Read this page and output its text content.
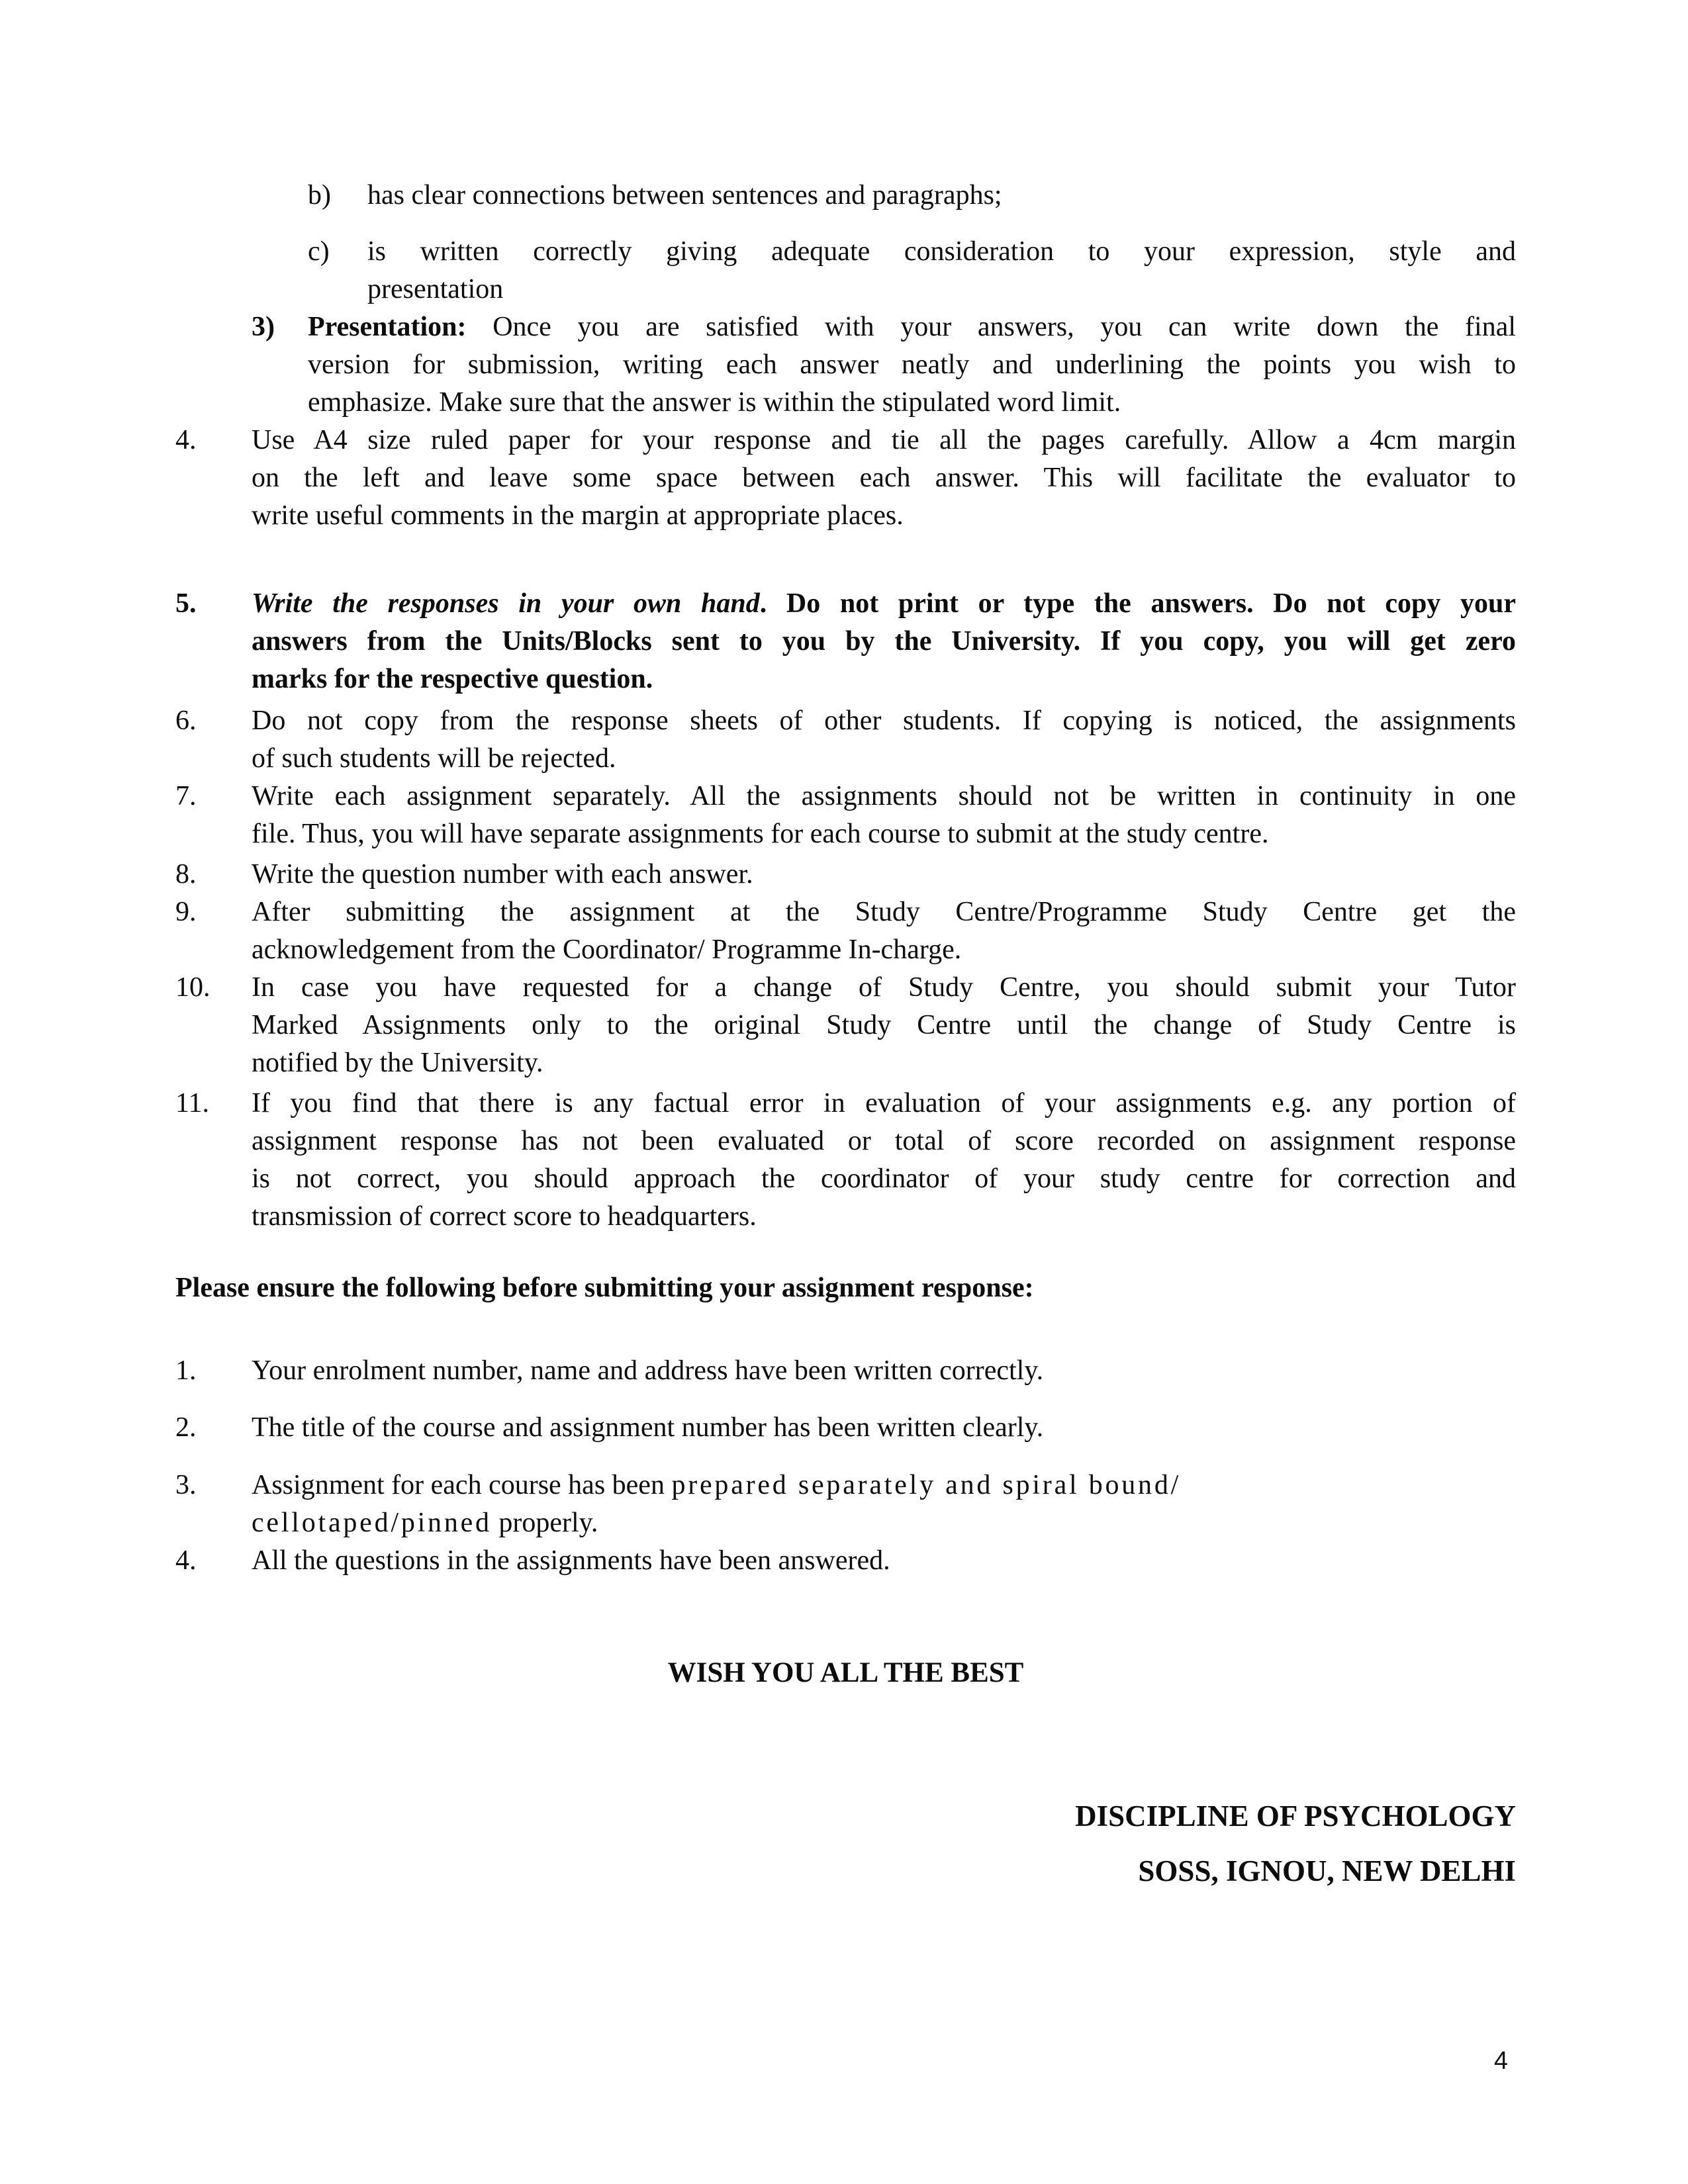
b) has clear connections between sentences and paragraphs;
c) is written correctly giving adequate consideration to your expression, style and
presentation
3) Presentation: Once you are satisfied with your answers, you can write down the final
version for submission, writing each answer neatly and underlining the points you wish to
emphasize. Make sure that the answer is within the stipulated word limit.
4. Use A4 size ruled paper for your response and tie all the pages carefully. Allow a 4cm margin
on the left and leave some space between each answer. This will facilitate the evaluator to
write useful comments in the margin at appropriate places.
5. Write the responses in your own hand. Do not print or type the answers. Do not copy your
answers from the Units/Blocks sent to you by the University. If you copy, you will get zero
marks for the respective question.
6. Do not copy from the response sheets of other students. If copying is noticed, the assignments
of such students will be rejected.
7. Write each assignment separately. All the assignments should not be written in continuity in one
file. Thus, you will have separate assignments for each course to submit at the study centre.
8. Write the question number with each answer.
9. After submitting the assignment at the Study Centre/Programme Study Centre get the
acknowledgement from the Coordinator/ Programme In-charge.
10. In case you have requested for a change of Study Centre, you should submit your Tutor
Marked Assignments only to the original Study Centre until the change of Study Centre is
notified by the University.
11. If you find that there is any factual error in evaluation of your assignments e.g. any portion of
assignment response has not been evaluated or total of score recorded on assignment response
is not correct, you should approach the coordinator of your study centre for correction and
transmission of correct score to headquarters.
Please ensure the following before submitting your assignment response:
1. Your enrolment number, name and address have been written correctly.
2. The title of the course and assignment number has been written clearly.
3. Assignment for each course has been prepared separately and spiral bound/
cellotaped/pinned properly.
4. All the questions in the assignments have been answered.
WISH YOU ALL THE BEST
DISCIPLINE OF PSYCHOLOGY
SOSS, IGNOU, NEW DELHI
4
